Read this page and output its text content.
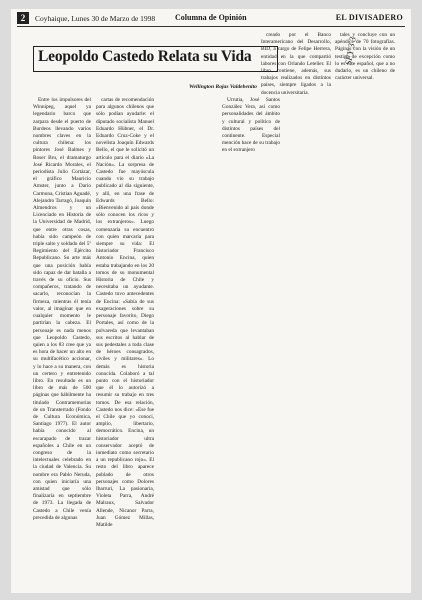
2	Coyhaique, Lunes 30 de Marzo de 1998 Columna de Opinión	EL DIVISADERO

creado por el Banco Interamericano del Desarrollo, BID, a cargo de Felipe Herrera, entidad en la que compartió labores con Orlando Letelier. El libro contiene, además, sus trabajos realizados en distintos países, siempre ligados a la docencia universitaria.

tales y concluye con un apéndice de 70 fotografías. Páginas con la visión de un testigo de excepción como lo es este español, que a no dudarlo, es un chileno de carácter universal.

Leopoldo Castedo Relata su Vida	SFY 3 3
Wellington Rojas Valdebenito

Entre los impulsores del Winnipeg, aquel ya legendario barco que zarpara desde el puerto de Burdeos llevando varios nombres claves en la cultura chilena: los pintores José Balmes y Roser Bru, el dramaturgo José Ricardo Morales, el periodista Julio Cortázar, el gráfico Mauricio Amster, junto a Darío Carmona, Cristian Aguadé, Alejandro Tarragó, Joaquín Almendros y un Licenciado en Historia de la Universidad de Madrid, que entre otras cosas, había sido campeón de triple salto y soldado del 5º Regimiento del Ejército Republicano. Su arte más que una posición había sido capaz de dar batalla a través de su oficio. Sus compañeros, tratando de sacarlo, reconocían la firmeza, mientras él tenía valor, al imaginar que en cualquier momento le partirían la cabeza. El personaje es nada menos que Leopoldo Castedo, quien a los 83 cree que ya es hora de hacer un alto en su multifacético accionar, y lo hace a su manera, con un certero y entretenido libro. En resultado es un libro de más de 500 páginas que hábilmente ha titulado Contramemorias de un Transterrado (Fondo de Cultura Económica, Santiago 1977). El autor había conocido al escarapado de trazar españoles a Chile en un congreso de la intelectuales celebrado en la ciudad de Valencia. Su nombre era Pablo Neruda, con quien iniciaría una amistad que sólo finalizaría en septiembre de 1973. La llegada de Castedo a Chile venía precedida de algunas

cartas de recomendación para algunos chilenos que sólo podían ayudarle: el diputado socialista Manuel Eduardo Hübner, el Dr. Eduardo Cruz-Coke y el novelista Joaquín Edwards Bello, el que le solicitó un artículo para el diario «La Nación». La sorpresa de Castedo fue mayúscula cuando vio su trabajo publicado al día siguiente, y allí, en una frase de Edwards Bello: «Bienvenido al país donde sólo conocen los ricos y los extranjeros». Luego comenzaría su encuentro con quien marcaría para siempre su vida: El historiador Francisco Antonio Encina, quien estaba trabajando en los 20 tomos de su monumental Historia de Chile y necesitaba un ayudante. Castedo tuvo antecedentes de Encina: «Sabía de sus exageraciones sobre su personaje favorito, Diego Portales, así como de la polvareda que levantaban sus escritos al hablar de sus pedestales a toda clase de héroes consagrados, civiles y militares». Lo demás es historia conocida. Colaboró a tal punto con el historiador que él lo autorizó a resumir su trabajo en tres tomos. De esa relación, Castedo nos dice: «Ese fue el Chile que yo conocí, amplio, libertario, democrático. Encina, un historiador ultra conservador aceptó de inmediato como secretario a un republicano rojo». El resto del libro aparece poblado de otros personajes como Dolores Ibarruri, La pasionaria, Violeta Parra, André Malraux, Salvador Allende, Nicanor Parra, Juan Gómez Millas, Matilde

Urrutia, José Santos González Vera, así como personalidades del ámbito y cultural y político de distintos países del continente. Especial mención hace de su trabajo en el extranjero
